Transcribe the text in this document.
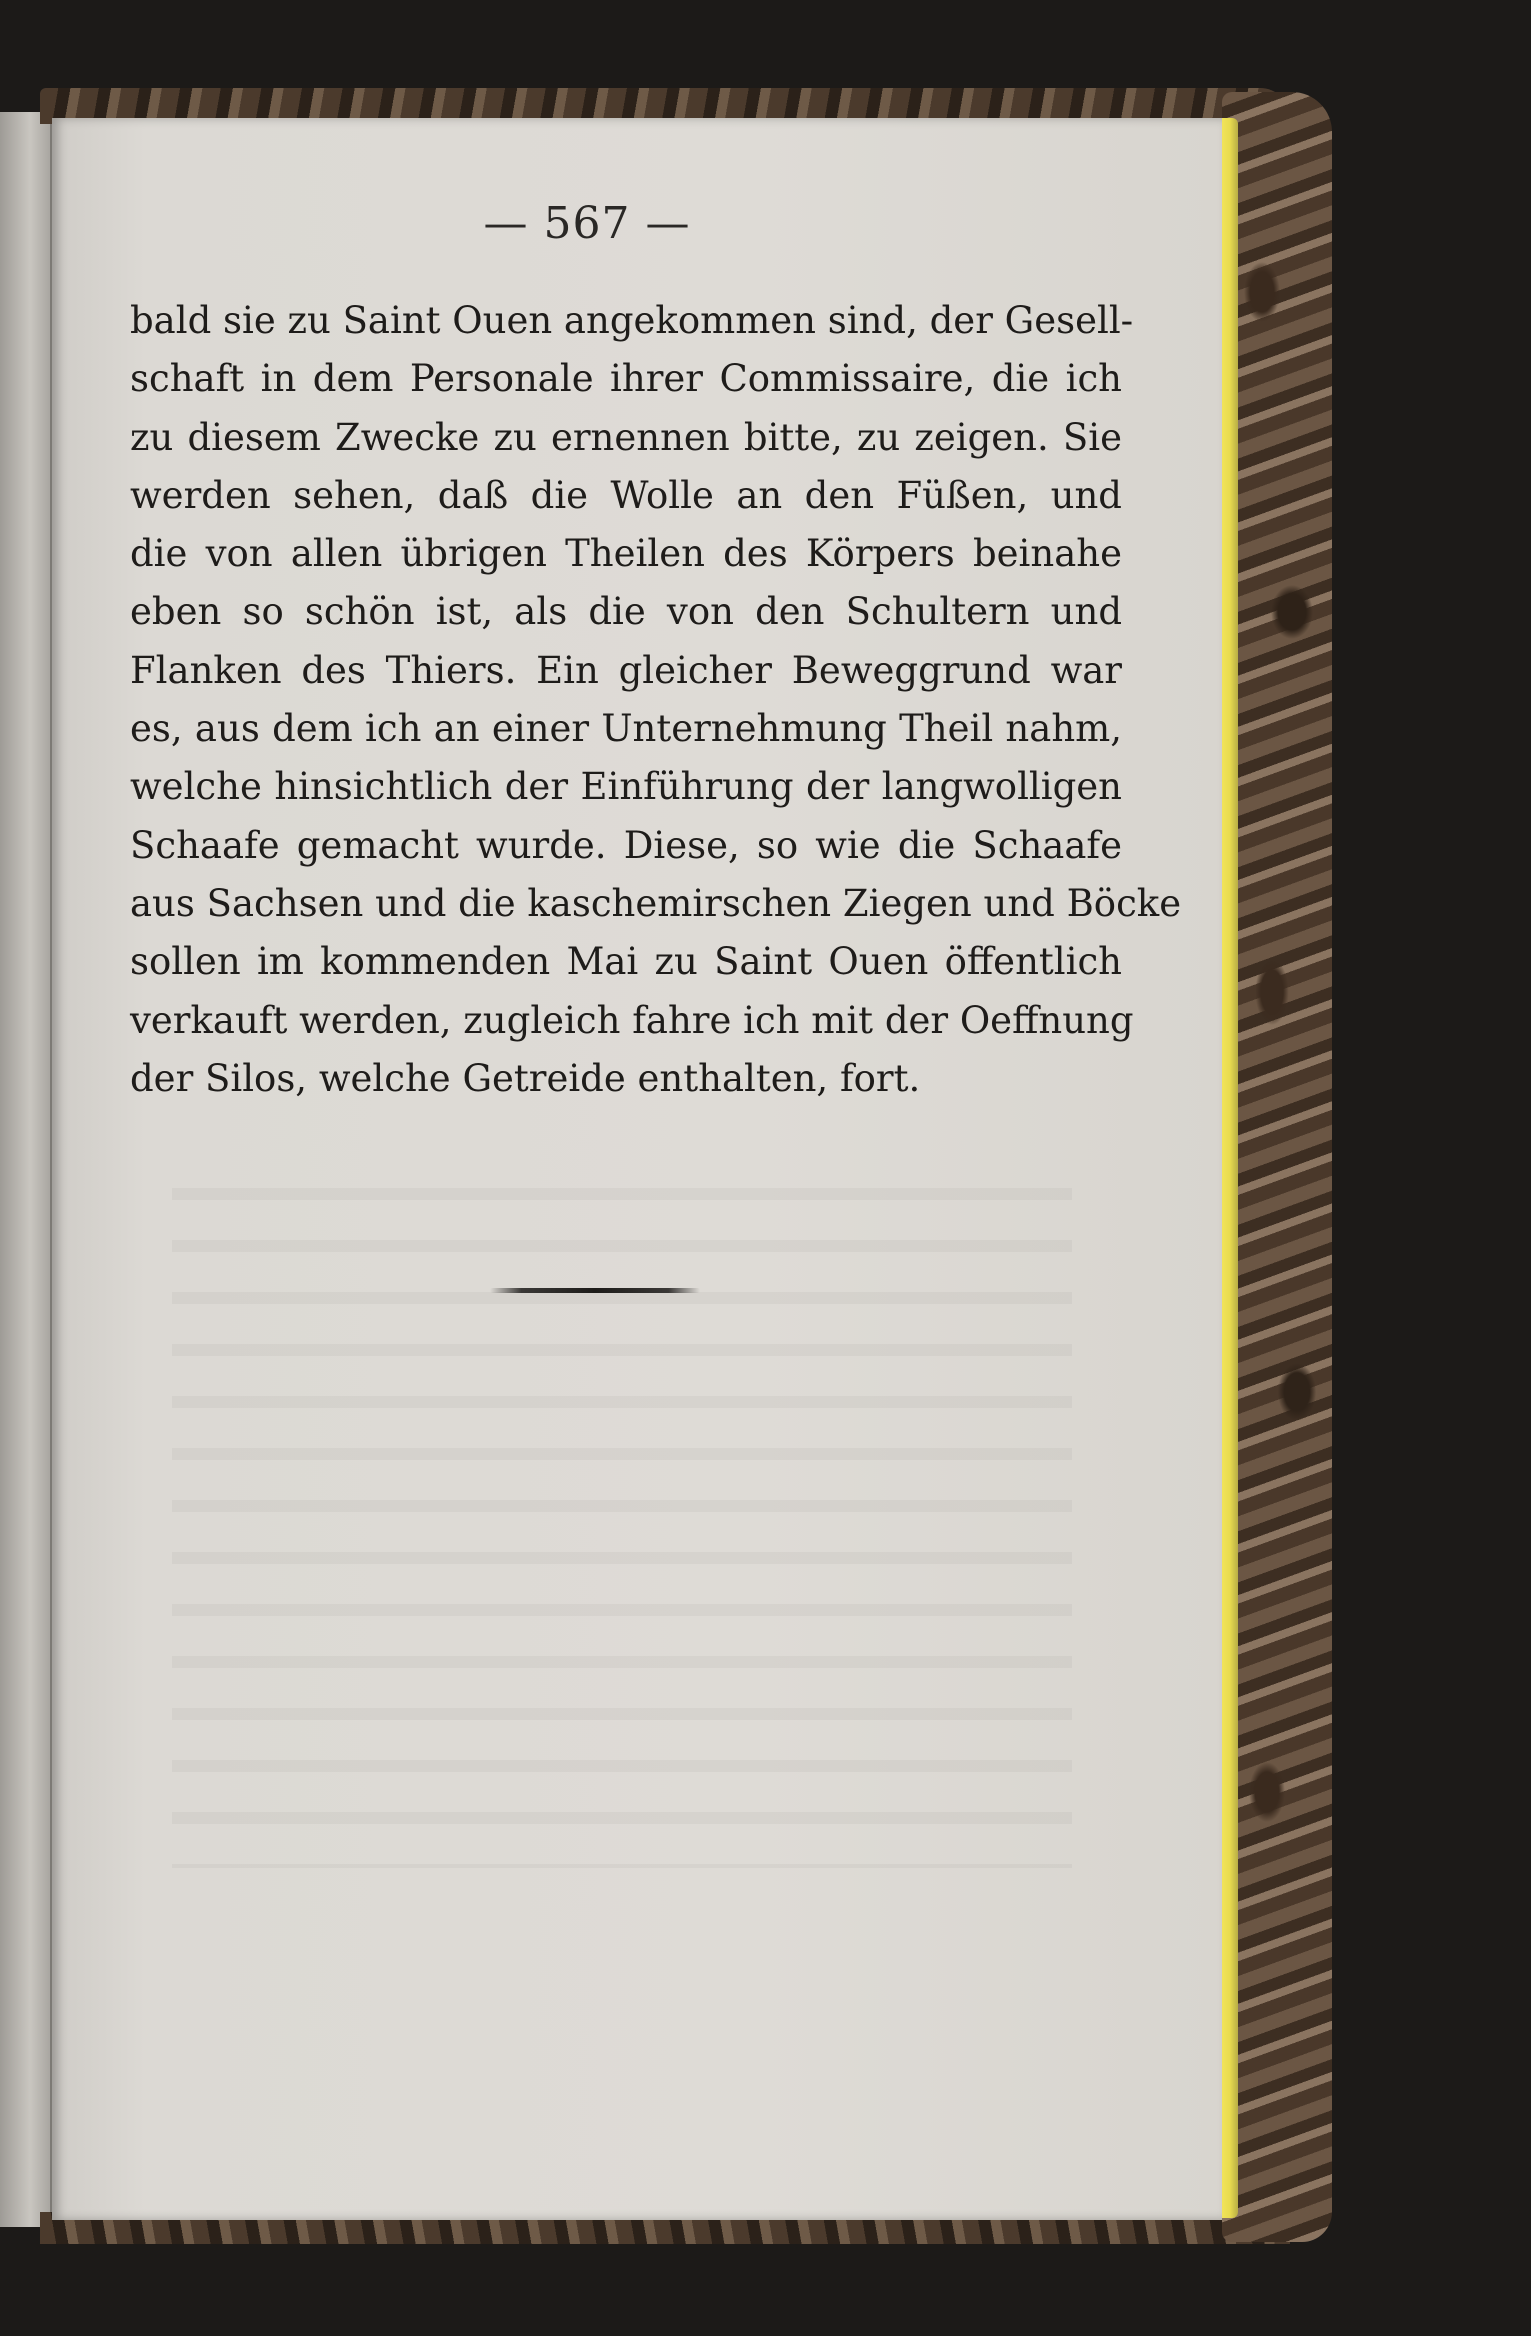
— 567 —
bald sie zu Saint Ouen angekommen sind, der Gesell-
schaft in dem Personale ihrer Commissaire, die ich
zu diesem Zwecke zu ernennen bitte, zu zeigen. Sie
werden sehen, daß die Wolle an den Füßen, und
die von allen übrigen Theilen des Körpers beinahe
eben so schön ist, als die von den Schultern und
Flanken des Thiers. Ein gleicher Beweggrund war
es, aus dem ich an einer Unternehmung Theil nahm,
welche hinsichtlich der Einführung der langwolligen
Schaafe gemacht wurde. Diese, so wie die Schaafe
aus Sachsen und die kaschemirschen Ziegen und Böcke
sollen im kommenden Mai zu Saint Ouen öffentlich
verkauft werden, zugleich fahre ich mit der Oeffnung
der Silos, welche Getreide enthalten, fort.
